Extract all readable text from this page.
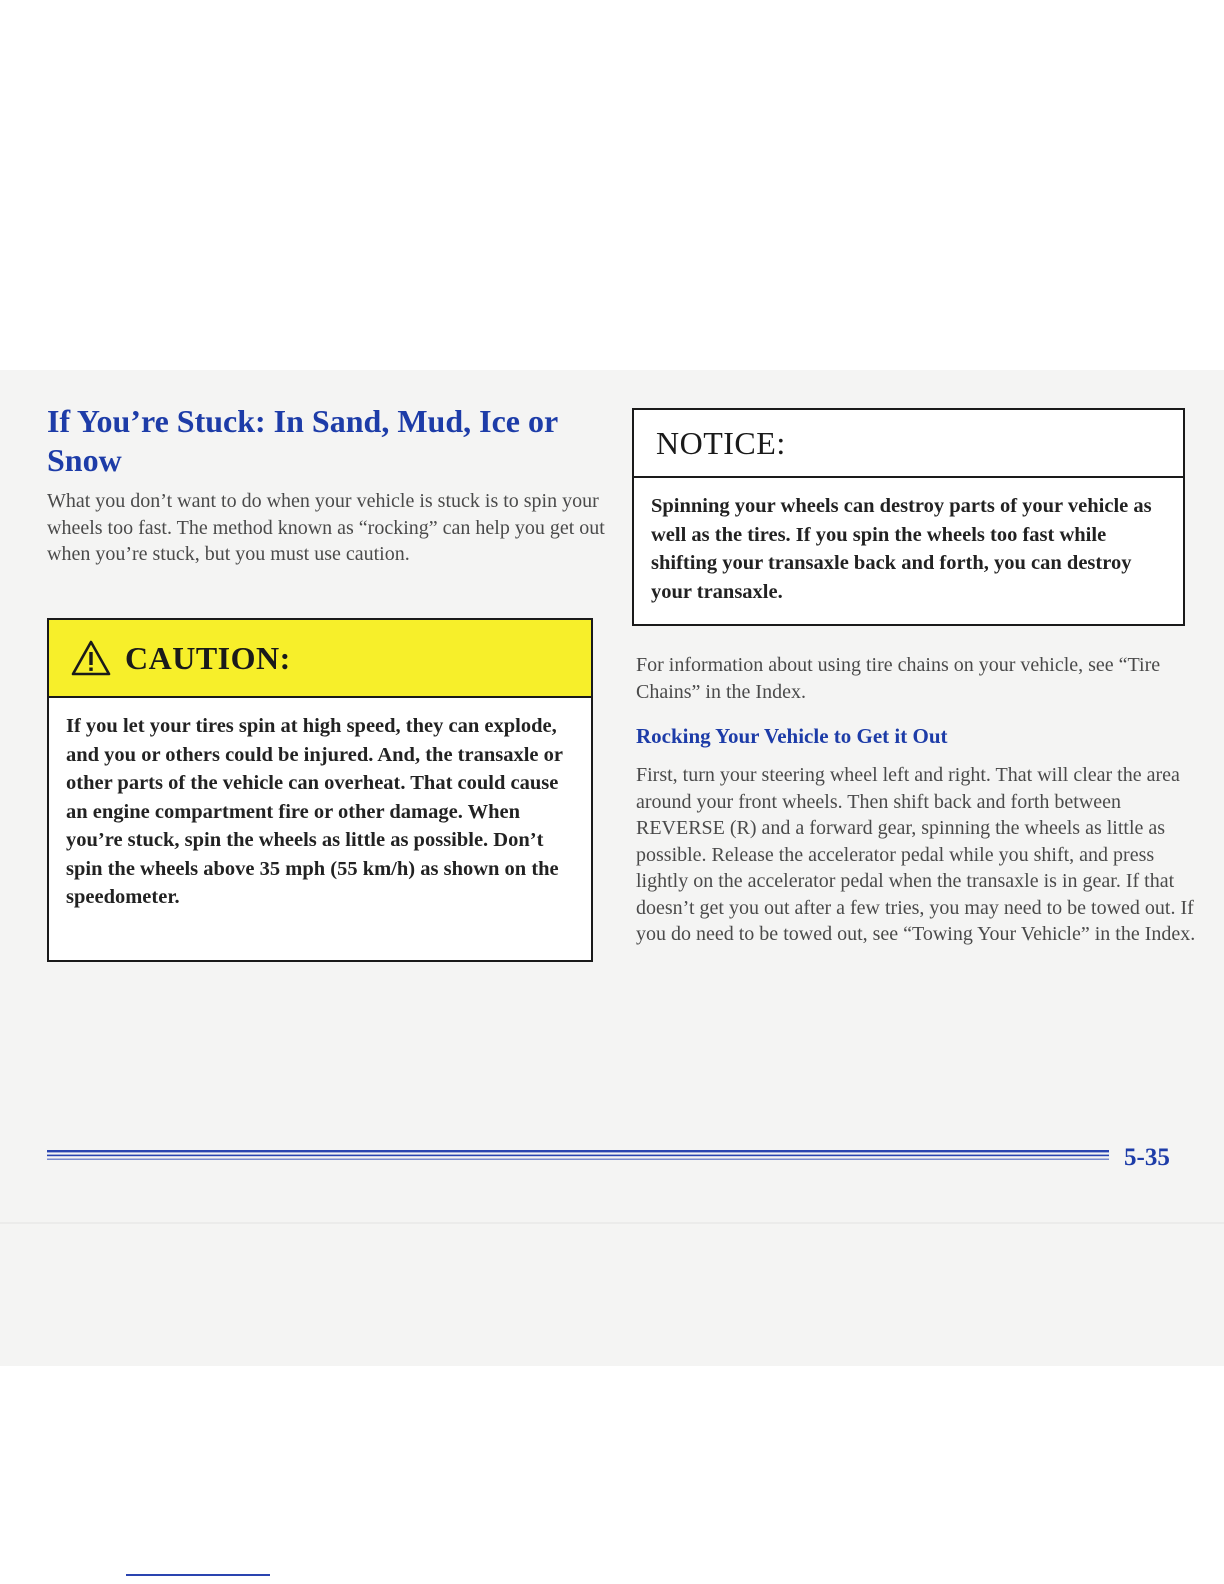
If You’re Stuck: In Sand, Mud, Ice or Snow

What you don’t want to do when your vehicle is stuck is to spin your wheels too fast. The method known as “rocking” can help you get out when you’re stuck, but you must use caution.

CAUTION:

If you let your tires spin at high speed, they can explode, and you or others could be injured. And, the transaxle or other parts of the vehicle can overheat. That could cause an engine compartment fire or other damage. When you’re stuck, spin the wheels as little as possible. Don’t spin the wheels above 35 mph (55 km/h) as shown on the speedometer.

NOTICE:

Spinning your wheels can destroy parts of your vehicle as well as the tires. If you spin the wheels too fast while shifting your transaxle back and forth, you can destroy your transaxle.

For information about using tire chains on your vehicle, see “Tire Chains” in the Index.

Rocking Your Vehicle to Get it Out

First, turn your steering wheel left and right. That will clear the area around your front wheels. Then shift back and forth between REVERSE (R) and a forward gear, spinning the wheels as little as possible. Release the accelerator pedal while you shift, and press lightly on the accelerator pedal when the transaxle is in gear. If that doesn’t get you out after a few tries, you may need to be towed out. If you do need to be towed out, see “Towing Your Vehicle” in the Index.

5-35
